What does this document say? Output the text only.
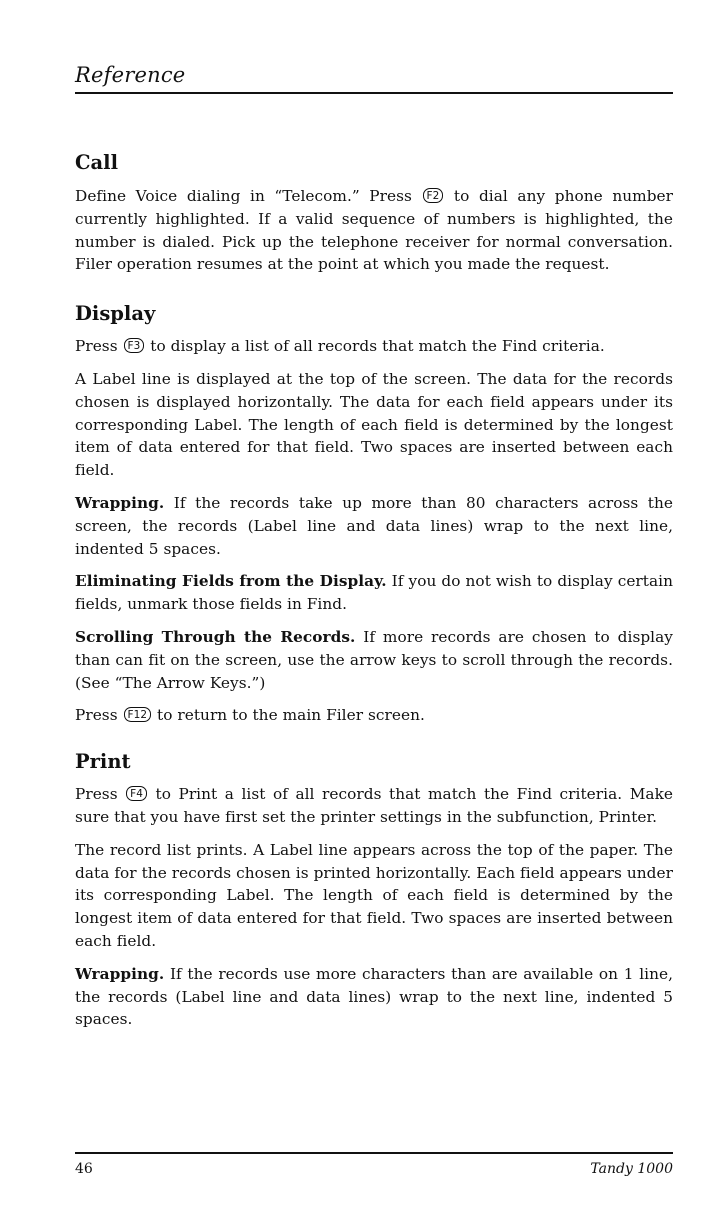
Reference
Call

Define Voice dialing in “Telecom.” Press F2 to dial any phone number currently highlighted. If a valid sequence of numbers is highlighted, the number is dialed. Pick up the telephone receiver for normal conversation. Filer operation resumes at the point at which you made the request.

Display

Press F3 to display a list of all records that match the Find criteria.

A Label line is displayed at the top of the screen. The data for the records chosen is displayed horizontally. The data for each field appears under its corresponding Label. The length of each field is determined by the longest item of data entered for that field. Two spaces are inserted between each field.

Wrapping. If the records take up more than 80 characters across the screen, the records (Label line and data lines) wrap to the next line, indented 5 spaces.

Eliminating Fields from the Display. If you do not wish to display certain fields, unmark those fields in Find.

Scrolling Through the Records. If more records are chosen to display than can fit on the screen, use the arrow keys to scroll through the records. (See “The Arrow Keys.”)

Press F12 to return to the main Filer screen.

Print

Press F4 to Print a list of all records that match the Find criteria. Make sure that you have first set the printer settings in the subfunction, Printer.

The record list prints. A Label line appears across the top of the paper. The data for the records chosen is printed horizontally. Each field appears under its corresponding Label. The length of each field is determined by the longest item of data entered for that field. Two spaces are inserted between each field.

Wrapping. If the records use more characters than are available on 1 line, the records (Label line and data lines) wrap to the next line, indented 5 spaces.

46	Tandy 1000
